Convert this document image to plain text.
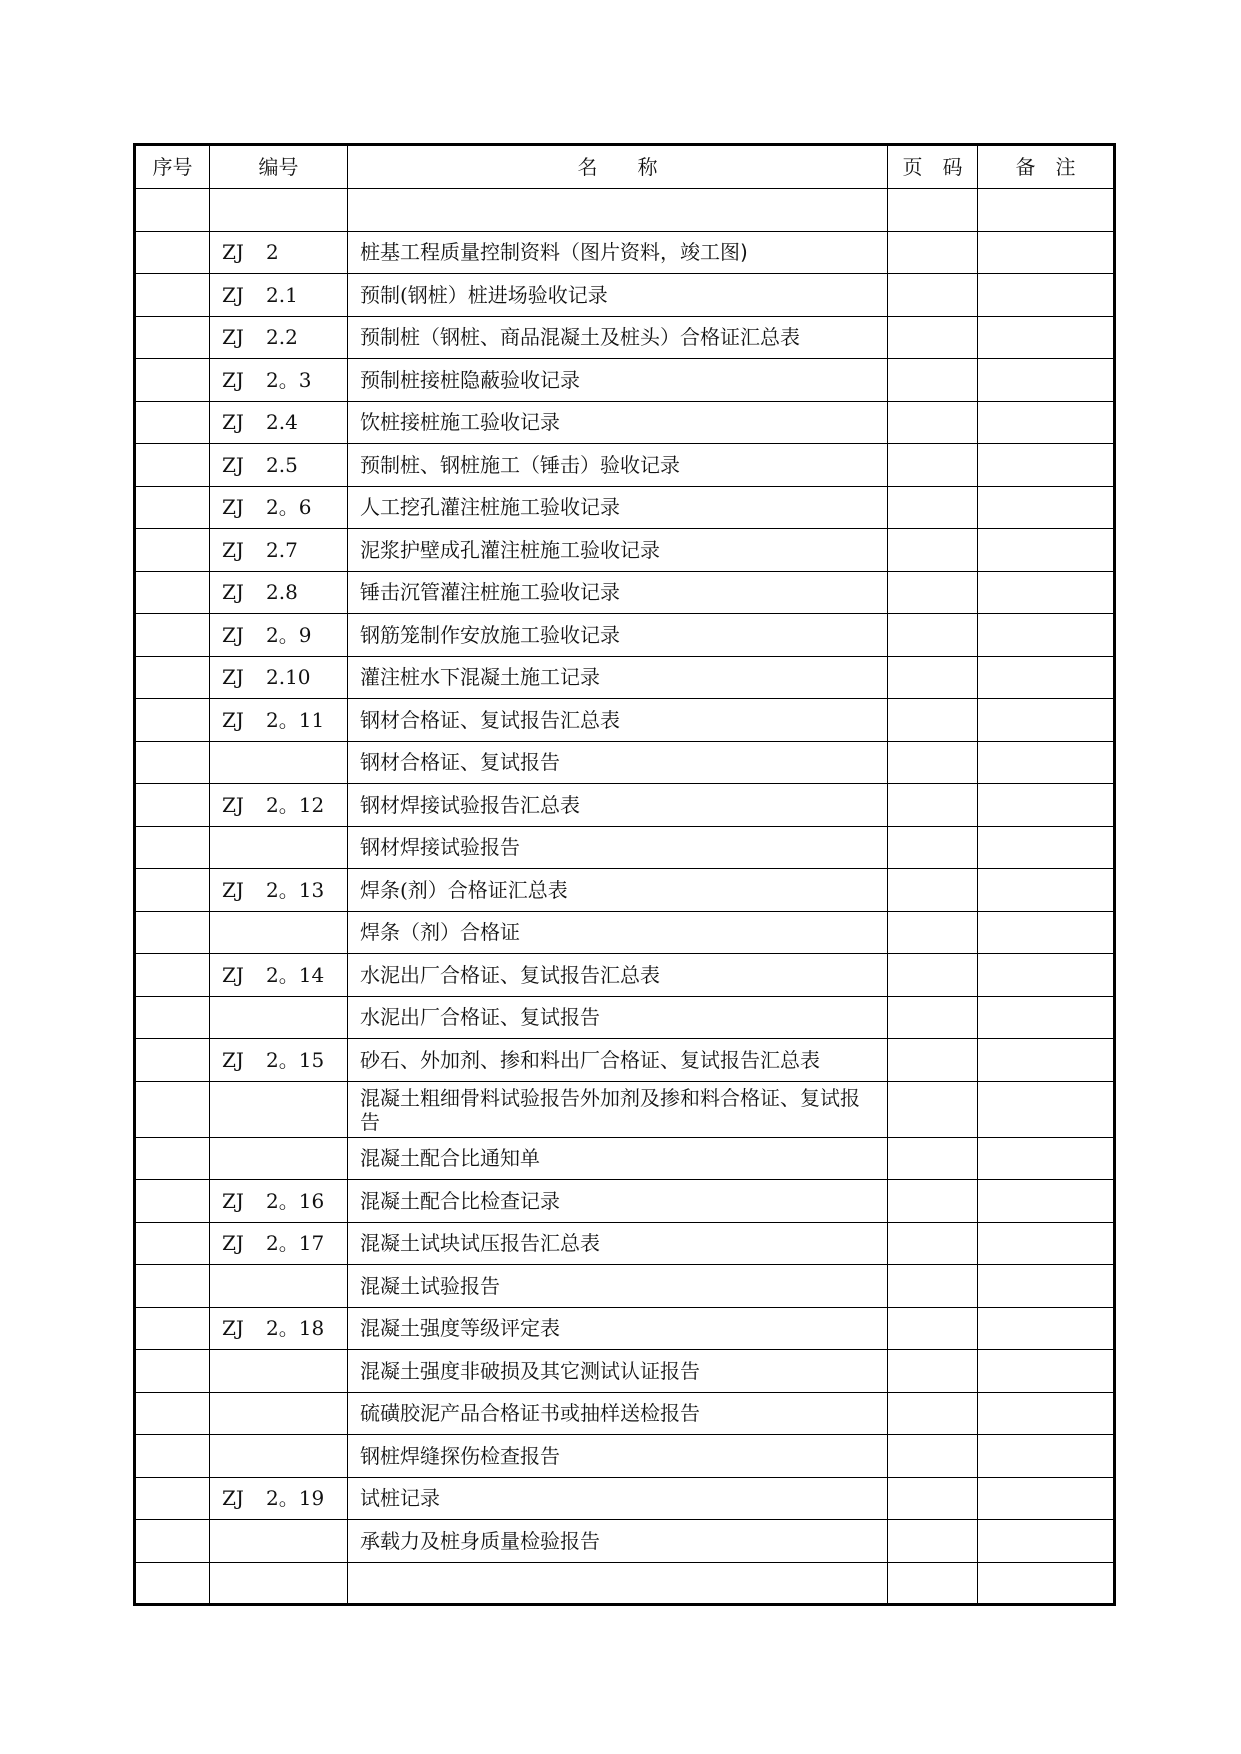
序号	编号	名　　称	页　码	备　注

	ZJ 2	桩基工程质量控制资料（图片资料，竣工图)		
	ZJ 2.1	预制(钢桩）桩进场验收记录		
	ZJ 2.2	预制桩（钢桩、商品混凝土及桩头）合格证汇总表		
	ZJ 2。3	预制桩接桩隐蔽验收记录		
	ZJ 2.4	饮桩接桩施工验收记录		
	ZJ 2.5	预制桩、钢桩施工（锤击）验收记录		
	ZJ 2。6	人工挖孔灌注桩施工验收记录		
	ZJ 2.7	泥浆护壁成孔灌注桩施工验收记录		
	ZJ 2.8	锤击沉管灌注桩施工验收记录		
	ZJ 2。9	钢筋笼制作安放施工验收记录		
	ZJ 2.10	灌注桩水下混凝土施工记录		
	ZJ 2。11	钢材合格证、复试报告汇总表		
		钢材合格证、复试报告		
	ZJ 2。12	钢材焊接试验报告汇总表		
		钢材焊接试验报告		
	ZJ 2。13	焊条(剂）合格证汇总表		
		焊条（剂）合格证		
	ZJ 2。14	水泥出厂合格证、复试报告汇总表		
		水泥出厂合格证、复试报告		
	ZJ 2。15	砂石、外加剂、掺和料出厂合格证、复试报告汇总表		
		混凝土粗细骨料试验报告外加剂及掺和料合格证、复试报告		
		混凝土配合比通知单		
	ZJ 2。16	混凝土配合比检查记录		
	ZJ 2。17	混凝土试块试压报告汇总表		
		混凝土试验报告		
	ZJ 2。18	混凝土强度等级评定表		
		混凝土强度非破损及其它测试认证报告		
		硫磺胶泥产品合格证书或抽样送检报告		
		钢桩焊缝探伤检查报告		
	ZJ 2。19	试桩记录		
		承载力及桩身质量检验报告		
